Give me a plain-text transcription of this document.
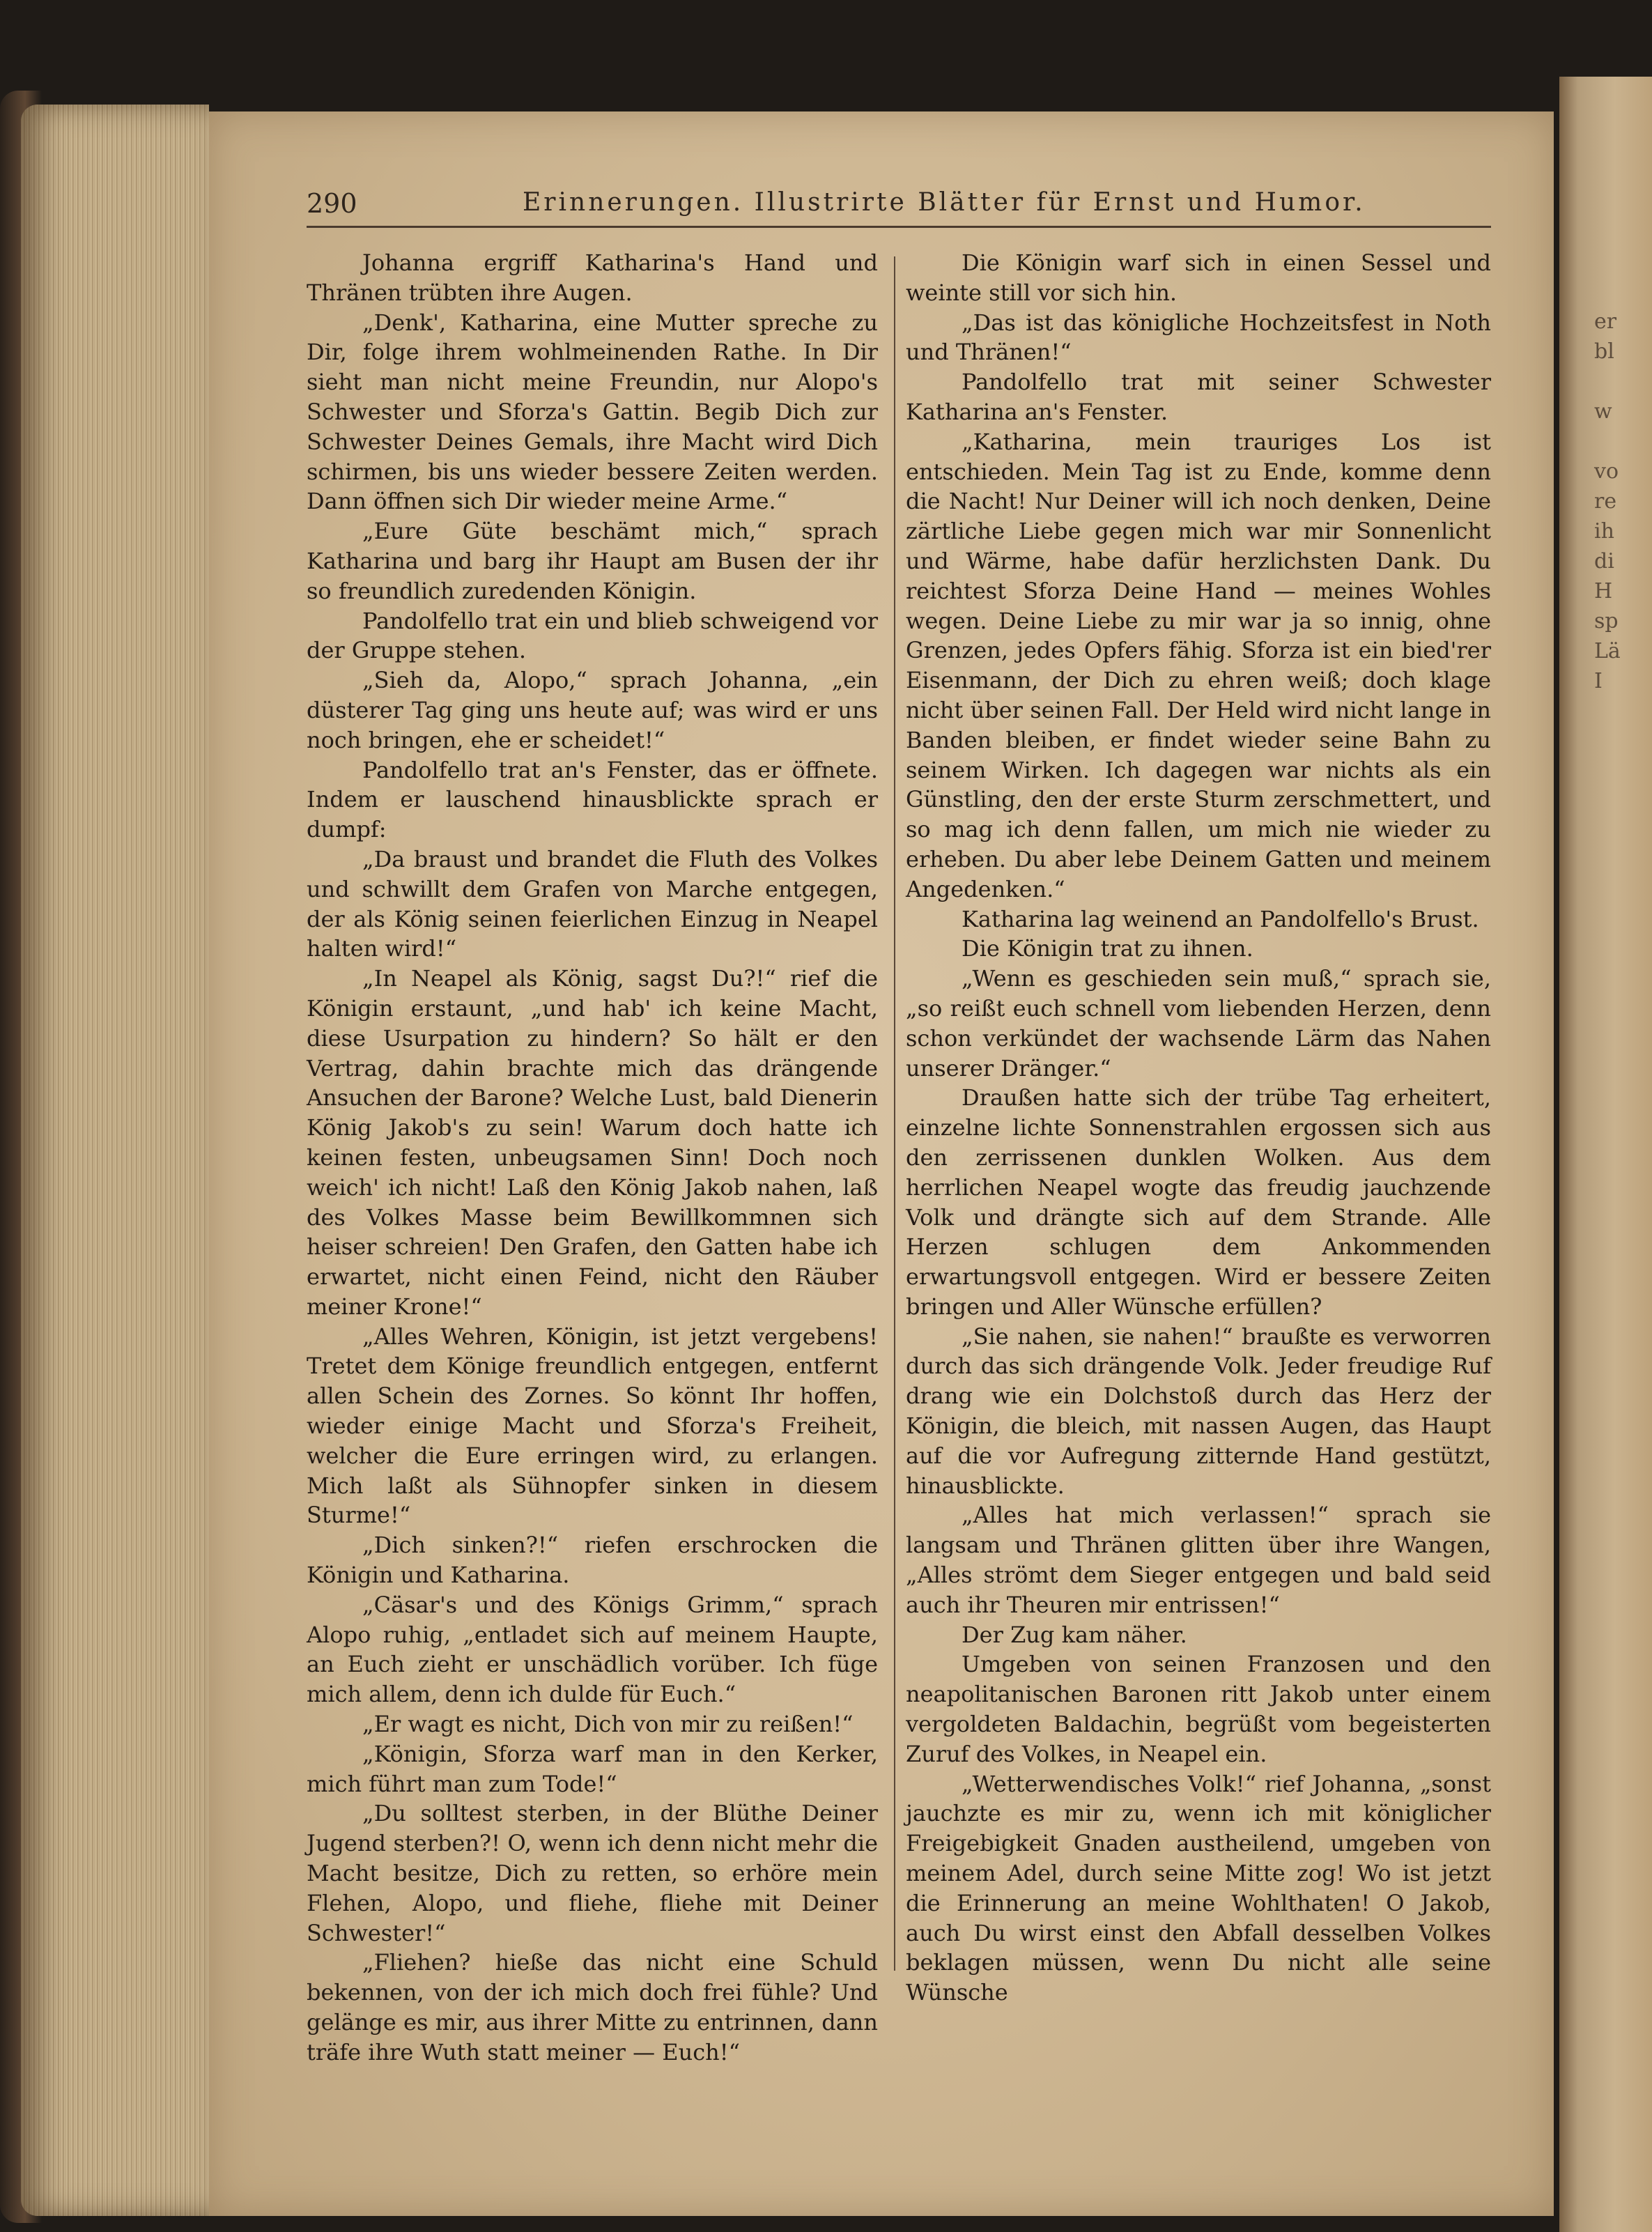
er
bl

w

vo
re
ih
di
H
sp
Lä
I
290	Erinnerungen. Illustrirte Blätter für Ernst und Humor.

Johanna ergriff Katharina's Hand und Thränen trübten ihre Augen.

„Denk', Katharina, eine Mutter spreche zu Dir, folge ihrem wohlmeinenden Rathe. In Dir sieht man nicht meine Freundin, nur Alopo's Schwester und Sforza's Gattin. Begib Dich zur Schwester Deines Gemals, ihre Macht wird Dich schirmen, bis uns wieder bessere Zeiten werden. Dann öffnen sich Dir wieder meine Arme.“

„Eure Güte beschämt mich,“ sprach Katharina und barg ihr Haupt am Busen der ihr so freundlich zuredenden Königin.

Pandolfello trat ein und blieb schweigend vor der Gruppe stehen.

„Sieh da, Alopo,“ sprach Johanna, „ein düsterer Tag ging uns heute auf; was wird er uns noch bringen, ehe er scheidet!“

Pandolfello trat an's Fenster, das er öffnete. Indem er lauschend hinausblickte sprach er dumpf:

„Da braust und brandet die Fluth des Volkes und schwillt dem Grafen von Marche entgegen, der als König seinen feierlichen Einzug in Neapel halten wird!“

„In Neapel als König, sagst Du?!“ rief die Königin erstaunt, „und hab' ich keine Macht, diese Usurpation zu hindern? So hält er den Vertrag, dahin brachte mich das drängende Ansuchen der Barone? Welche Lust, bald Dienerin König Jakob's zu sein! Warum doch hatte ich keinen festen, unbeugsamen Sinn! Doch noch weich' ich nicht! Laß den König Jakob nahen, laß des Volkes Masse beim Bewillkommnen sich heiser schreien! Den Grafen, den Gatten habe ich erwartet, nicht einen Feind, nicht den Räuber meiner Krone!“

„Alles Wehren, Königin, ist jetzt vergebens! Tretet dem Könige freundlich entgegen, entfernt allen Schein des Zornes. So könnt Ihr hoffen, wieder einige Macht und Sforza's Freiheit, welcher die Eure erringen wird, zu erlangen. Mich laßt als Sühnopfer sinken in diesem Sturme!“

„Dich sinken?!“ riefen erschrocken die Königin und Katharina.

„Cäsar's und des Königs Grimm,“ sprach Alopo ruhig, „entladet sich auf meinem Haupte, an Euch zieht er unschädlich vorüber. Ich füge mich allem, denn ich dulde für Euch.“

„Er wagt es nicht, Dich von mir zu reißen!“

„Königin, Sforza warf man in den Kerker, mich führt man zum Tode!“

„Du solltest sterben, in der Blüthe Deiner Jugend sterben?! O, wenn ich denn nicht mehr die Macht besitze, Dich zu retten, so erhöre mein Flehen, Alopo, und fliehe, fliehe mit Deiner Schwester!“

„Fliehen? hieße das nicht eine Schuld bekennen, von der ich mich doch frei fühle? Und gelänge es mir, aus ihrer Mitte zu entrinnen, dann träfe ihre Wuth statt meiner — Euch!“

Die Königin warf sich in einen Sessel und weinte still vor sich hin.

„Das ist das königliche Hochzeitsfest in Noth und Thränen!“

Pandolfello trat mit seiner Schwester Katharina an's Fenster.

„Katharina, mein trauriges Los ist entschieden. Mein Tag ist zu Ende, komme denn die Nacht! Nur Deiner will ich noch denken, Deine zärtliche Liebe gegen mich war mir Sonnenlicht und Wärme, habe dafür herzlichsten Dank. Du reichtest Sforza Deine Hand — meines Wohles wegen. Deine Liebe zu mir war ja so innig, ohne Grenzen, jedes Opfers fähig. Sforza ist ein bied'rer Eisenmann, der Dich zu ehren weiß; doch klage nicht über seinen Fall. Der Held wird nicht lange in Banden bleiben, er findet wieder seine Bahn zu seinem Wirken. Ich dagegen war nichts als ein Günstling, den der erste Sturm zerschmettert, und so mag ich denn fallen, um mich nie wieder zu erheben. Du aber lebe Deinem Gatten und meinem Angedenken.“

Katharina lag weinend an Pandolfello's Brust.

Die Königin trat zu ihnen.

„Wenn es geschieden sein muß,“ sprach sie, „so reißt euch schnell vom liebenden Herzen, denn schon verkündet der wachsende Lärm das Nahen unserer Dränger.“

Draußen hatte sich der trübe Tag erheitert, einzelne lichte Sonnenstrahlen ergossen sich aus den zerrissenen dunklen Wolken. Aus dem herrlichen Neapel wogte das freudig jauchzende Volk und drängte sich auf dem Strande. Alle Herzen schlugen dem Ankommenden erwartungsvoll entgegen. Wird er bessere Zeiten bringen und Aller Wünsche erfüllen?

„Sie nahen, sie nahen!“ braußte es verworren durch das sich drängende Volk. Jeder freudige Ruf drang wie ein Dolchstoß durch das Herz der Königin, die bleich, mit nassen Augen, das Haupt auf die vor Aufregung zitternde Hand gestützt, hinausblickte.

„Alles hat mich verlassen!“ sprach sie langsam und Thränen glitten über ihre Wangen, „Alles strömt dem Sieger entgegen und bald seid auch ihr Theuren mir entrissen!“

Der Zug kam näher.

Umgeben von seinen Franzosen und den neapolitanischen Baronen ritt Jakob unter einem vergoldeten Baldachin, begrüßt vom begeisterten Zuruf des Volkes, in Neapel ein.

„Wetterwendisches Volk!“ rief Johanna, „sonst jauchzte es mir zu, wenn ich mit königlicher Freigebigkeit Gnaden austheilend, umgeben von meinem Adel, durch seine Mitte zog! Wo ist jetzt die Erinnerung an meine Wohlthaten! O Jakob, auch Du wirst einst den Abfall desselben Volkes beklagen müssen, wenn Du nicht alle seine Wünsche
